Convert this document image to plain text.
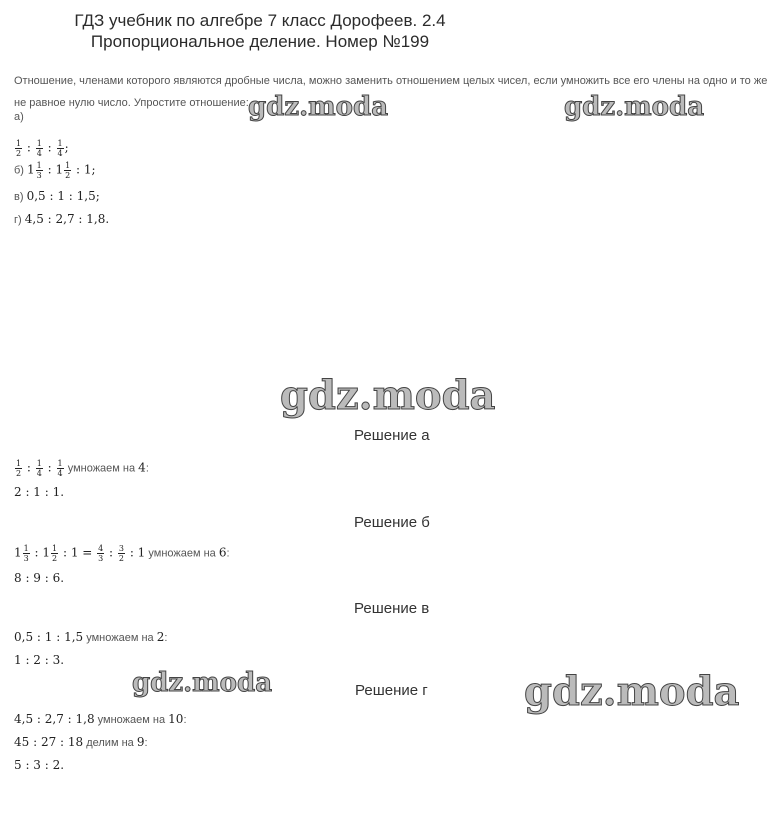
ГДЗ учебник по алгебре 7 класс Дорофеев. 2.4
Пропорциональное деление. Номер №199
Отношение, членами которого являются дробные числа, можно заменить отношением целых чисел, если умножить все его члены на одно и то же
не равное нулю число. Упростите отношение: gdz.moda	gdz.moda
gdz.moda
gdz.moda	gdz.moda
а)
$\frac{1}{2}$ : $\frac{1}{4}$ : $\frac{1}{4}$ ;
б) $1 \frac{1}{3}$ : $1 \frac{1}{2}$ : 1;
в) 0,5 : 1 : 1,5;
г) 4,5 : 2,7 : 1,8.
Решение а
$\frac{1}{2}$ : $\frac{1}{4}$ : $\frac{1}{4}$ умножаем на 4:
2 : 1 : 1.
Решение б
$1 \frac{1}{3}$ : $1 \frac{1}{2}$ : $1 = \frac{4}{3}$ : $\frac{3}{2}$ : 1 умножаем на 6:
8 : 9 : 6.
Решение в
0,5 : 1 : 1,5 умножаем на 2:
1 : 2 : 3.
Решение г
4,5 : 2,7 : 1,8 умножаем на 10:
45 : 27 : 18 делим на 9:
5 : 3 : 2.
